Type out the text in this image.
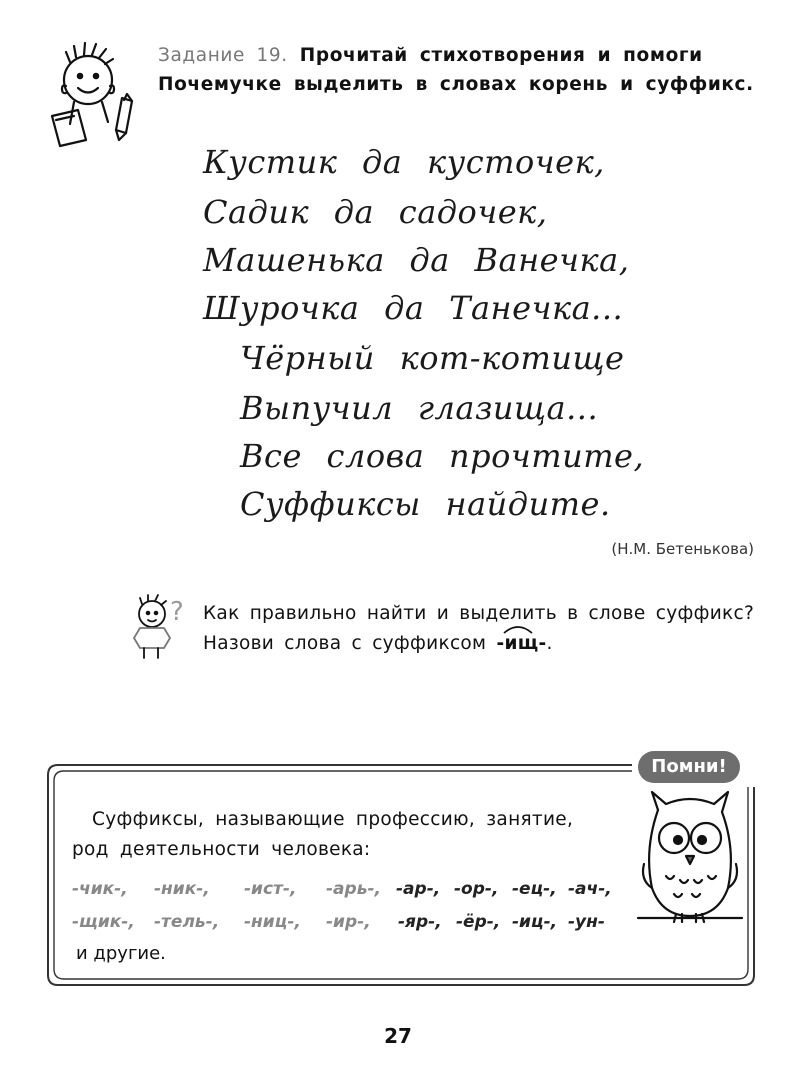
Задание 19. Прочитай стихотворения и помоги
Почемучке выделить в словах корень и суффикс.
Кустик да кусточек,
Садик да садочек,
Машенька да Ванечка,
Шурочка да Танечка...
Чёрный кот-котище
Выпучил глазища...
Все слова прочтите,
Суффиксы найдите.
(Н.М. Бетенькова)
? Как правильно найти и выделить в слове суффикс?
Назови слова с суффиксом -ищ-
.
Помни!
Суффиксы, называющие профессию, занятие,
род деятельности человека:
-чик-, -ник-, -ист-, -арь-, -ар-, -ор-, -ец-, -ач-,
-щик-, -тель-, -ниц-, -ир-, -яр-, -ёр-, -иц-, -ун-
и другие.
27
